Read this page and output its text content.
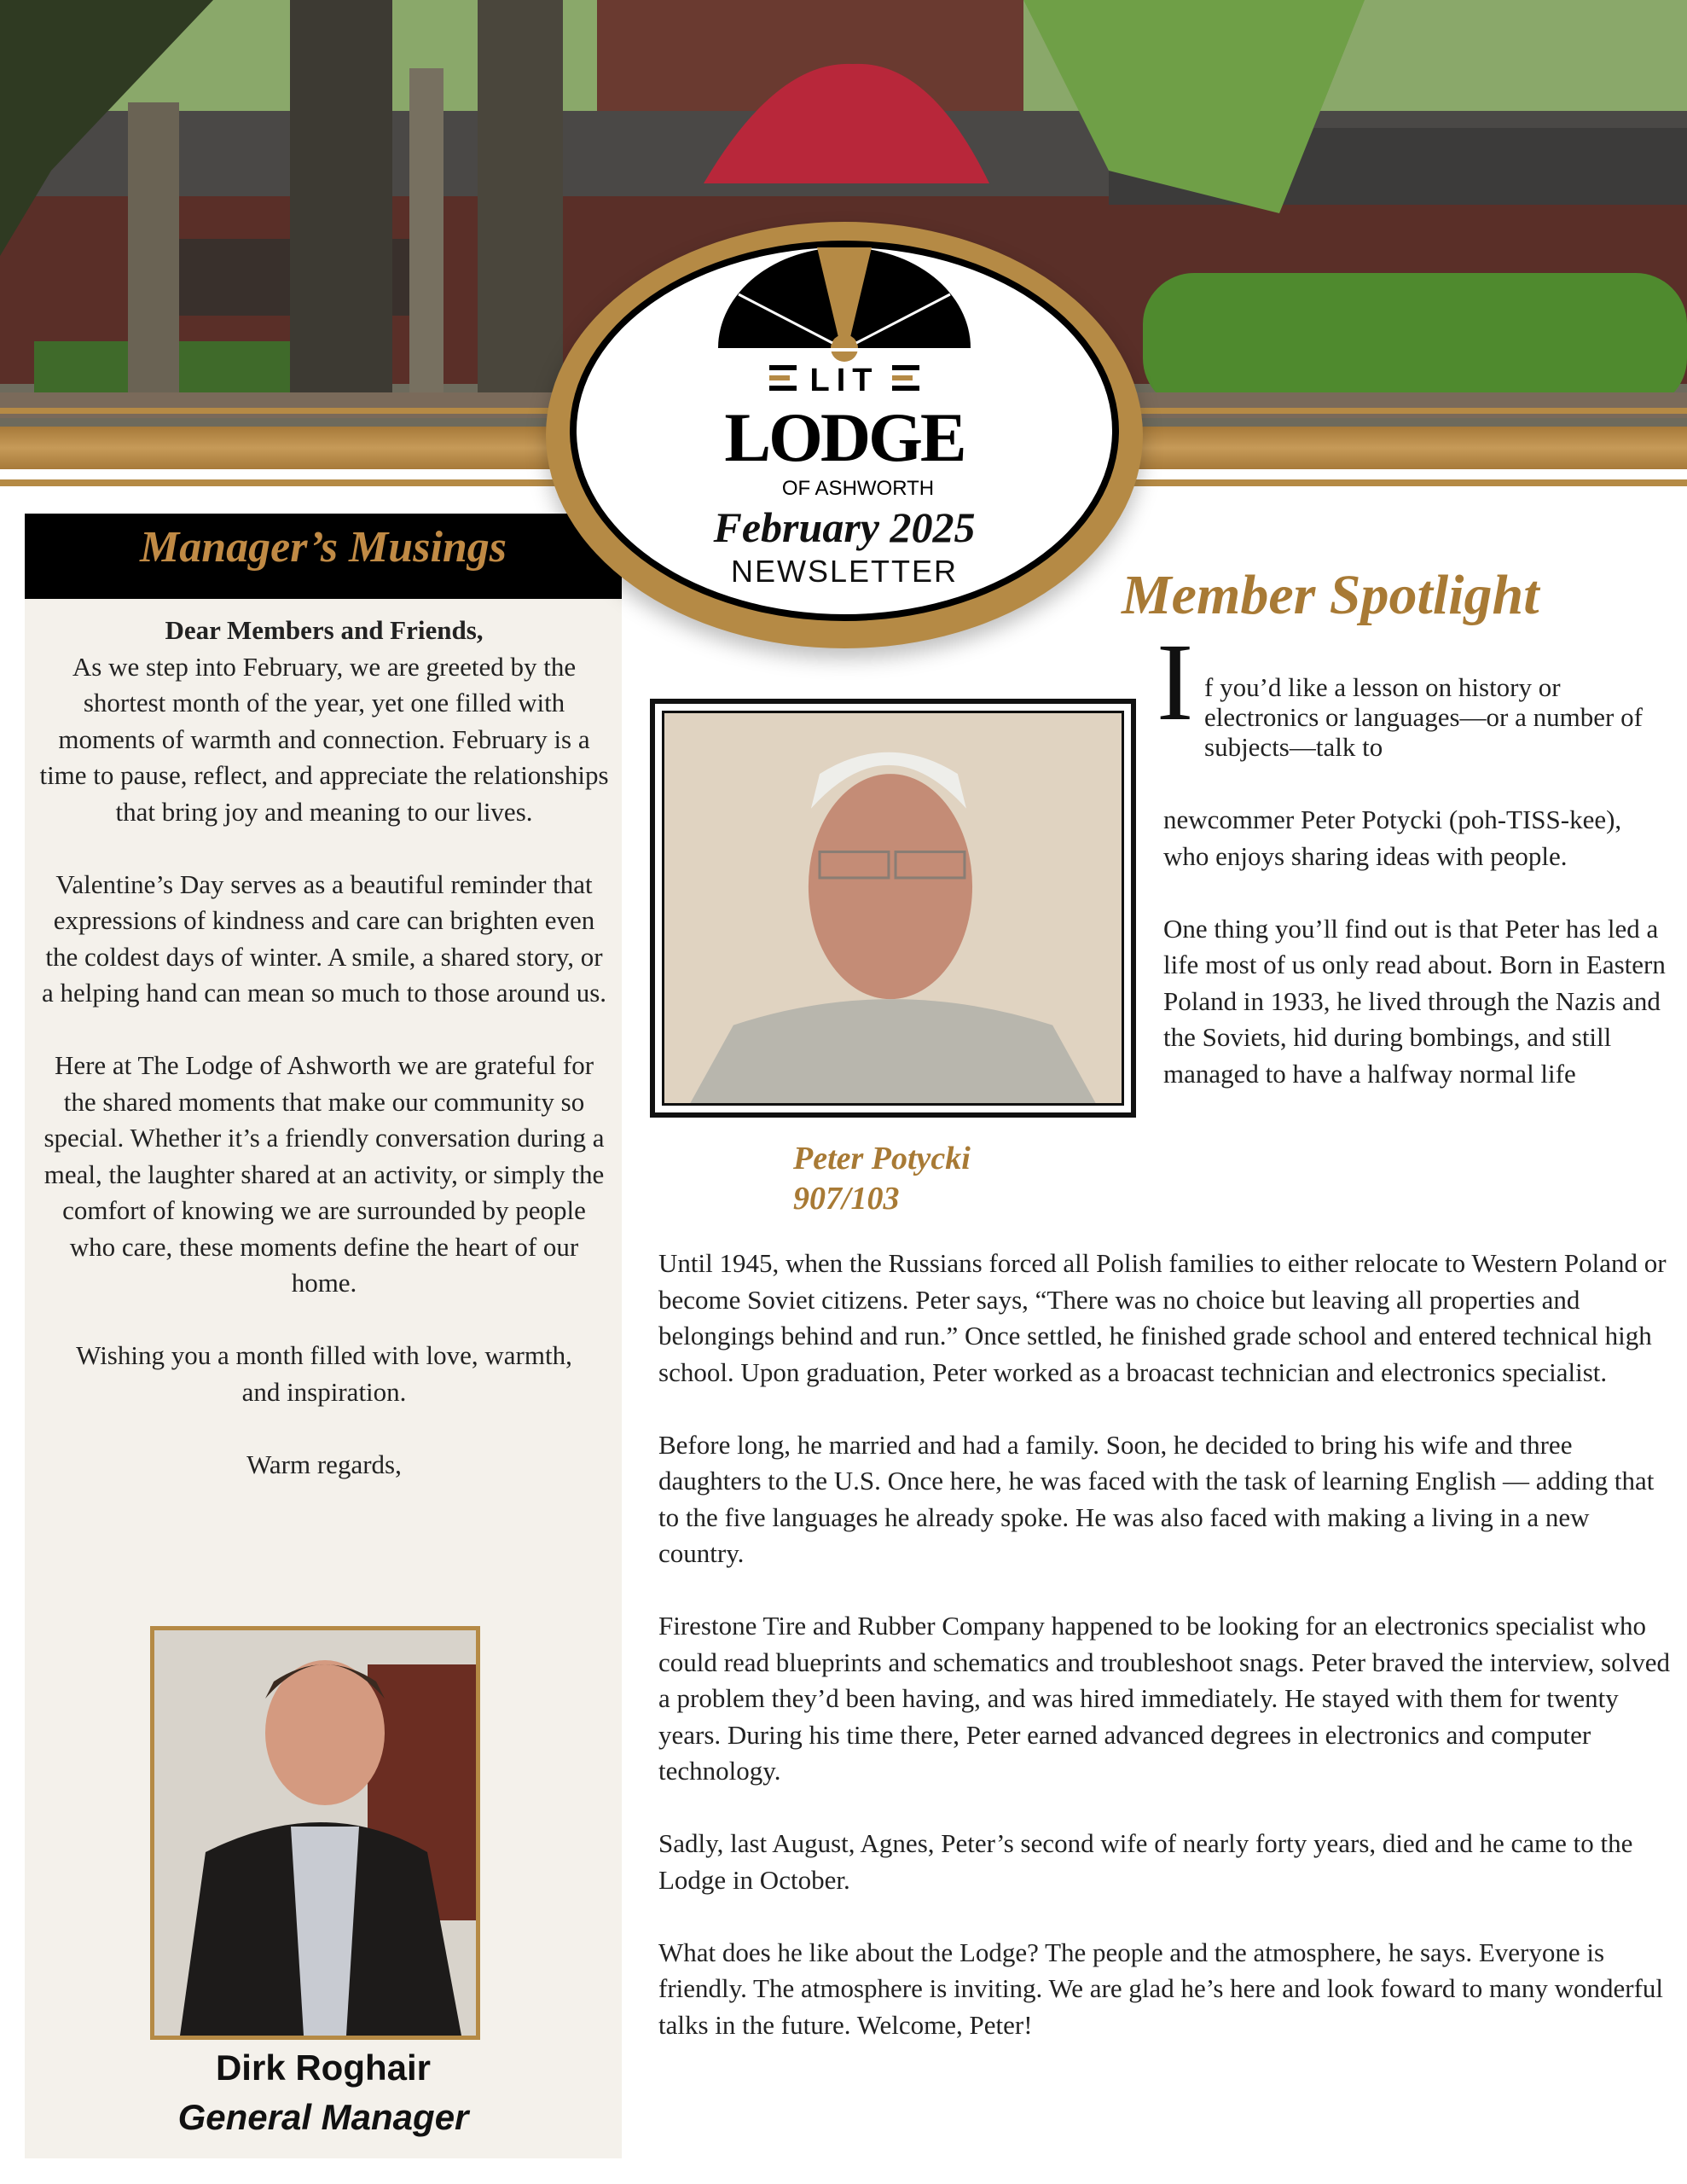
Manager’s Musings

Dear Members and Friends,

As we step into February, we are greeted by the shortest month of the year, yet one filled with moments of warmth and connection. February is a time to pause, reflect, and appreciate the relationships that bring joy and meaning to our lives.

Valentine’s Day serves as a beautiful reminder that expressions of kindness and care can brighten even the coldest days of winter. A smile, a shared story, or a helping hand can mean so much to those around us.

Here at The Lodge of Ashworth we are grateful for the shared moments that make our community so special. Whether it’s a friendly conversation during a meal, the laughter shared at an activity, or simply the comfort of knowing we are surrounded by people who care, these moments define the heart of our home.

Wishing you a month filled with love, warmth, and inspiration.

Warm regards,

Dirk Roghair
General Manager
LIT
LODGE
OF ASHWORTH
February 2025
NEWSLETTER	Member Spotlight
I f you’d like a lesson on history or electronics or languages—or a number of subjects—talk to
Peter Potycki
907/103

newcommer Peter Potycki (poh-TISS-kee), who enjoys sharing ideas with people.

One thing you’ll find out is that Peter has led a life most of us only read about. Born in Eastern Poland in 1933, he lived through the Nazis and the Soviets, hid during bombings, and still managed to have a halfway normal life

Until 1945, when the Russians forced all Polish families to either relocate to Western Poland or become Soviet citizens. Peter says, “There was no choice but leaving all properties and belongings behind and run.” Once settled, he finished grade school and entered technical high school. Upon graduation, Peter worked as a broacast technician and electronics specialist.

Before long, he married and had a family. Soon, he decided to bring his wife and three daughters to the U.S. Once here, he was faced with the task of learning English — adding that to the five languages he already spoke. He was also faced with making a living in a new country.

Firestone Tire and Rubber Company happened to be looking for an electronics specialist who could read blueprints and schematics and troubleshoot snags. Peter braved the interview, solved a problem they’d been having, and was hired immediately. He stayed with them for twenty years. During his time there, Peter earned advanced degrees in electronics and computer technology.

Sadly, last August, Agnes, Peter’s second wife of nearly forty years, died and he came to the Lodge in October.

What does he like about the Lodge? The people and the atmosphere, he says. Everyone is friendly. The atmosphere is inviting. We are glad he’s here and look foward to many wonderful talks in the future. Welcome, Peter!
